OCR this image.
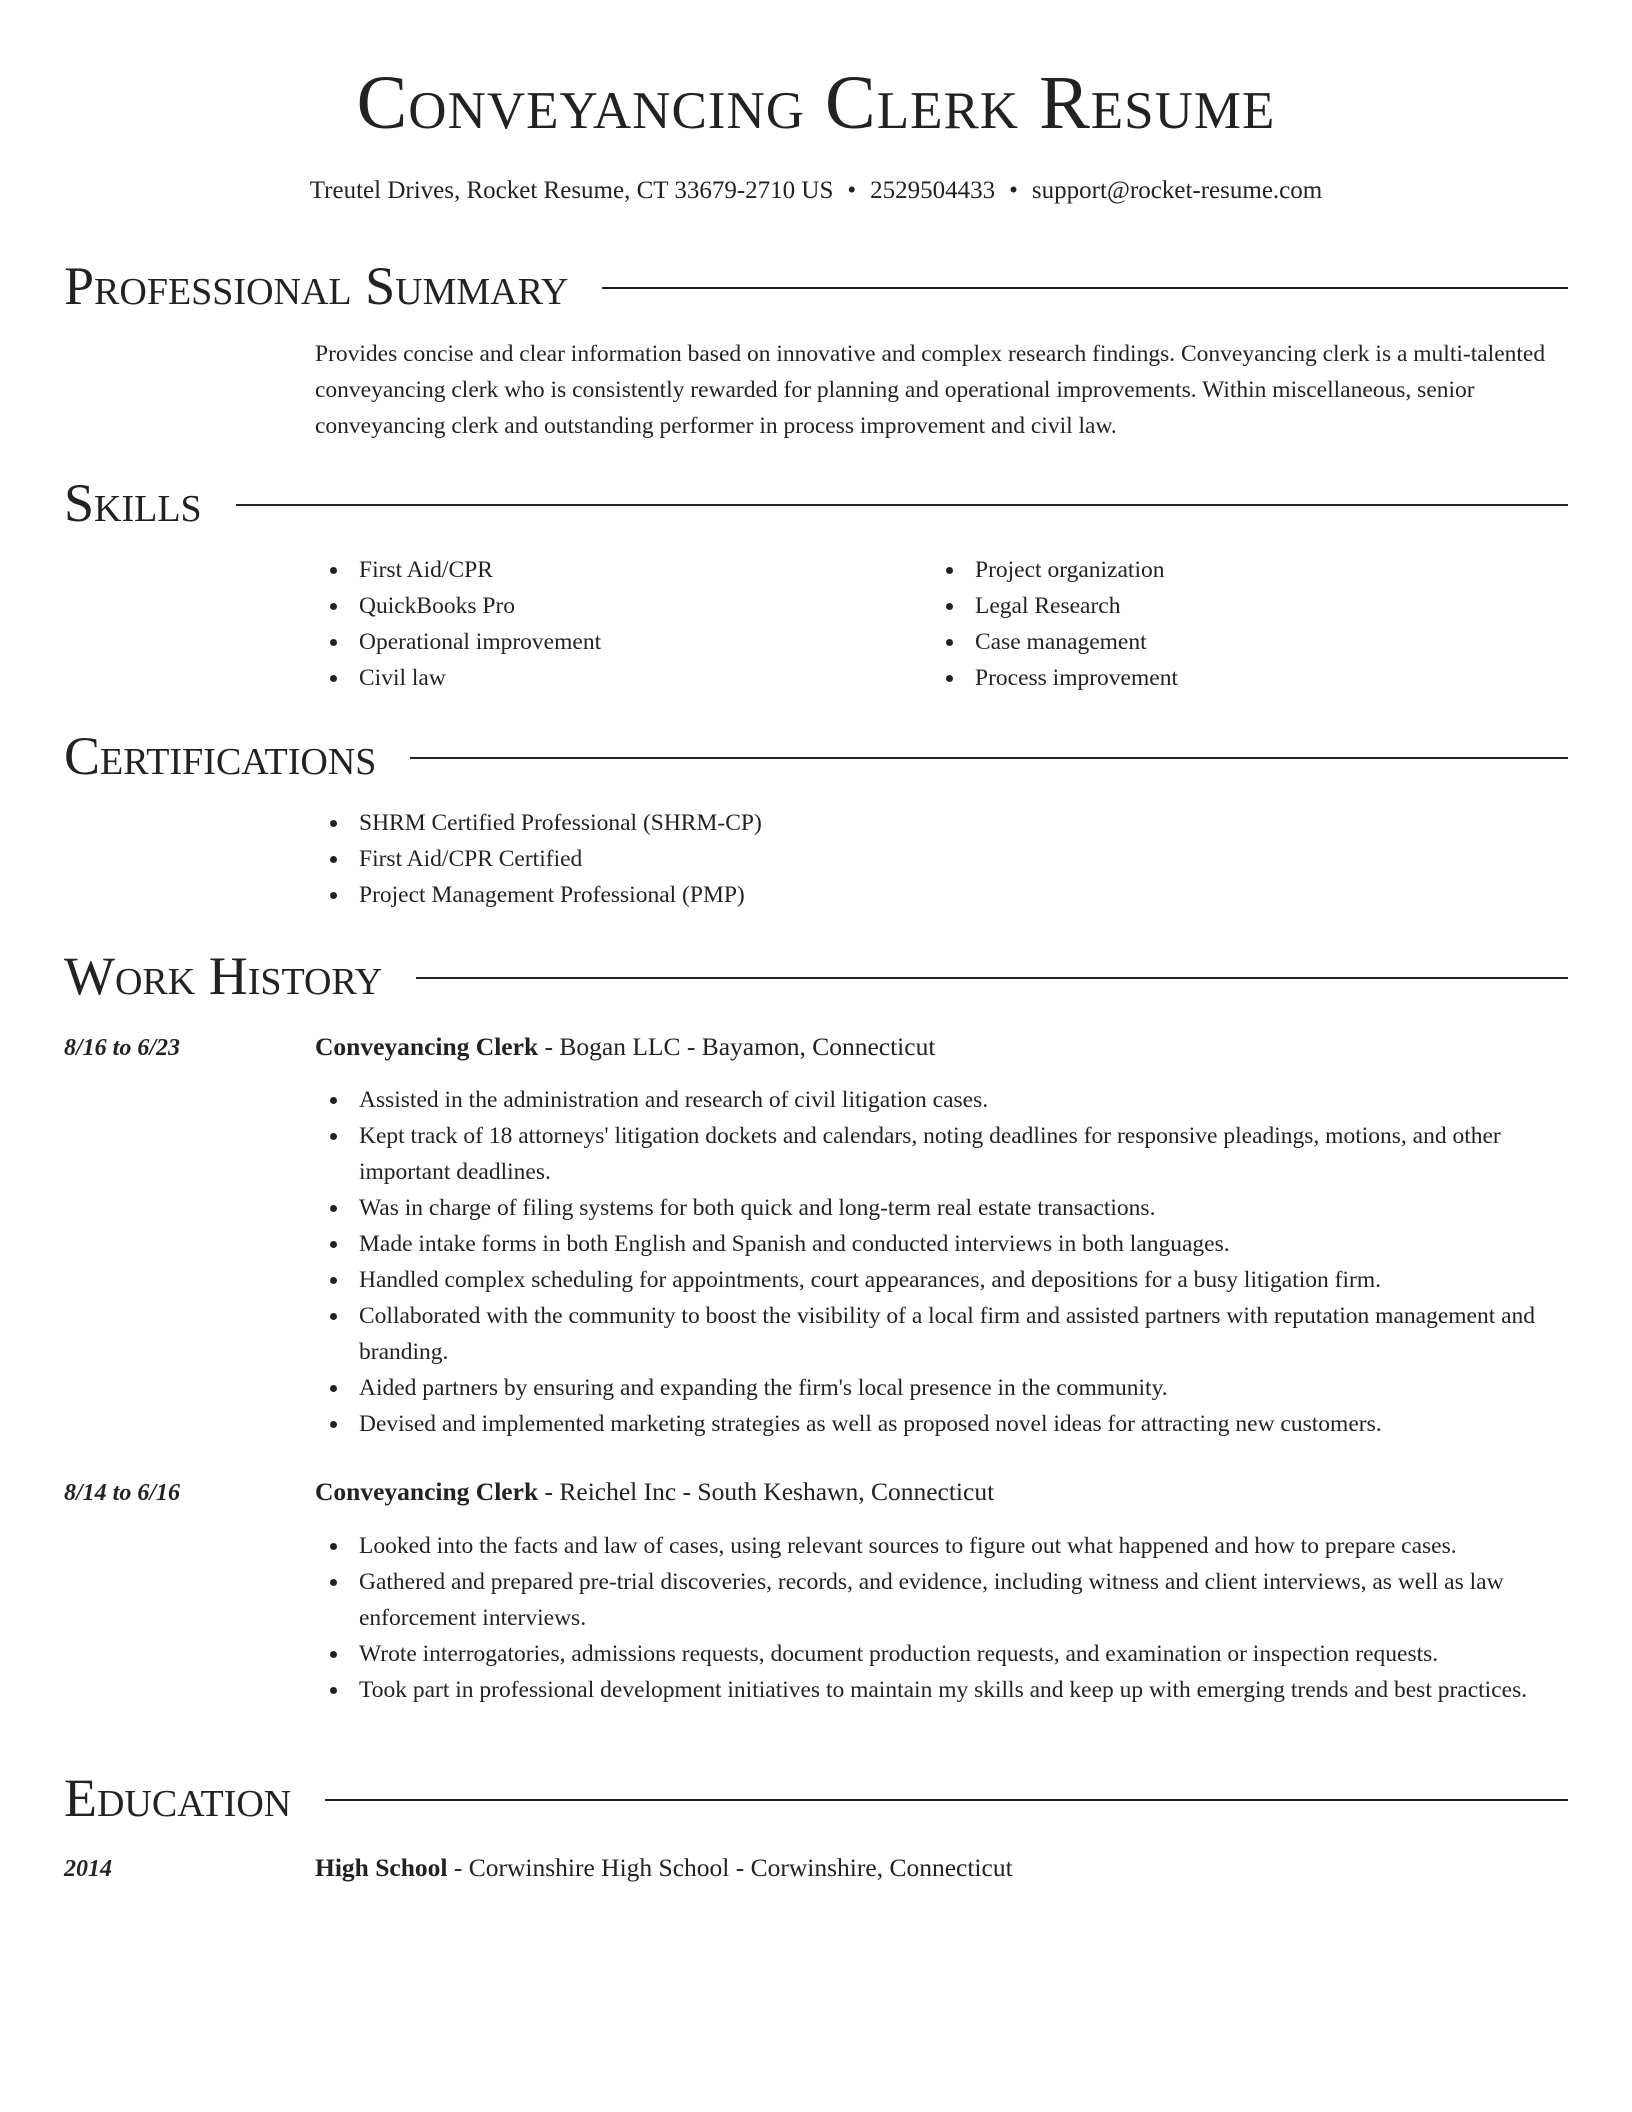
Conveyancing Clerk Resume
Treutel Drives, Rocket Resume, CT 33679-2710 US • 2529504433 • support@rocket-resume.com
Professional Summary
Provides concise and clear information based on innovative and complex research findings. Conveyancing clerk is a multi-talented conveyancing clerk who is consistently rewarded for planning and operational improvements. Within miscellaneous, senior conveyancing clerk and outstanding performer in process improvement and civil law.
Skills
First Aid/CPR
QuickBooks Pro
Operational improvement
Civil law
Project organization
Legal Research
Case management
Process improvement
Certifications
SHRM Certified Professional (SHRM-CP)
First Aid/CPR Certified
Project Management Professional (PMP)
Work History
8/16 to 6/23	Conveyancing Clerk - Bogan LLC - Bayamon, Connecticut
Assisted in the administration and research of civil litigation cases.
Kept track of 18 attorneys' litigation dockets and calendars, noting deadlines for responsive pleadings, motions, and other important deadlines.
Was in charge of filing systems for both quick and long-term real estate transactions.
Made intake forms in both English and Spanish and conducted interviews in both languages.
Handled complex scheduling for appointments, court appearances, and depositions for a busy litigation firm.
Collaborated with the community to boost the visibility of a local firm and assisted partners with reputation management and branding.
Aided partners by ensuring and expanding the firm's local presence in the community.
Devised and implemented marketing strategies as well as proposed novel ideas for attracting new customers.
8/14 to 6/16	Conveyancing Clerk - Reichel Inc - South Keshawn, Connecticut
Looked into the facts and law of cases, using relevant sources to figure out what happened and how to prepare cases.
Gathered and prepared pre-trial discoveries, records, and evidence, including witness and client interviews, as well as law enforcement interviews.
Wrote interrogatories, admissions requests, document production requests, and examination or inspection requests.
Took part in professional development initiatives to maintain my skills and keep up with emerging trends and best practices.
Education
2014	High School - Corwinshire High School - Corwinshire, Connecticut
